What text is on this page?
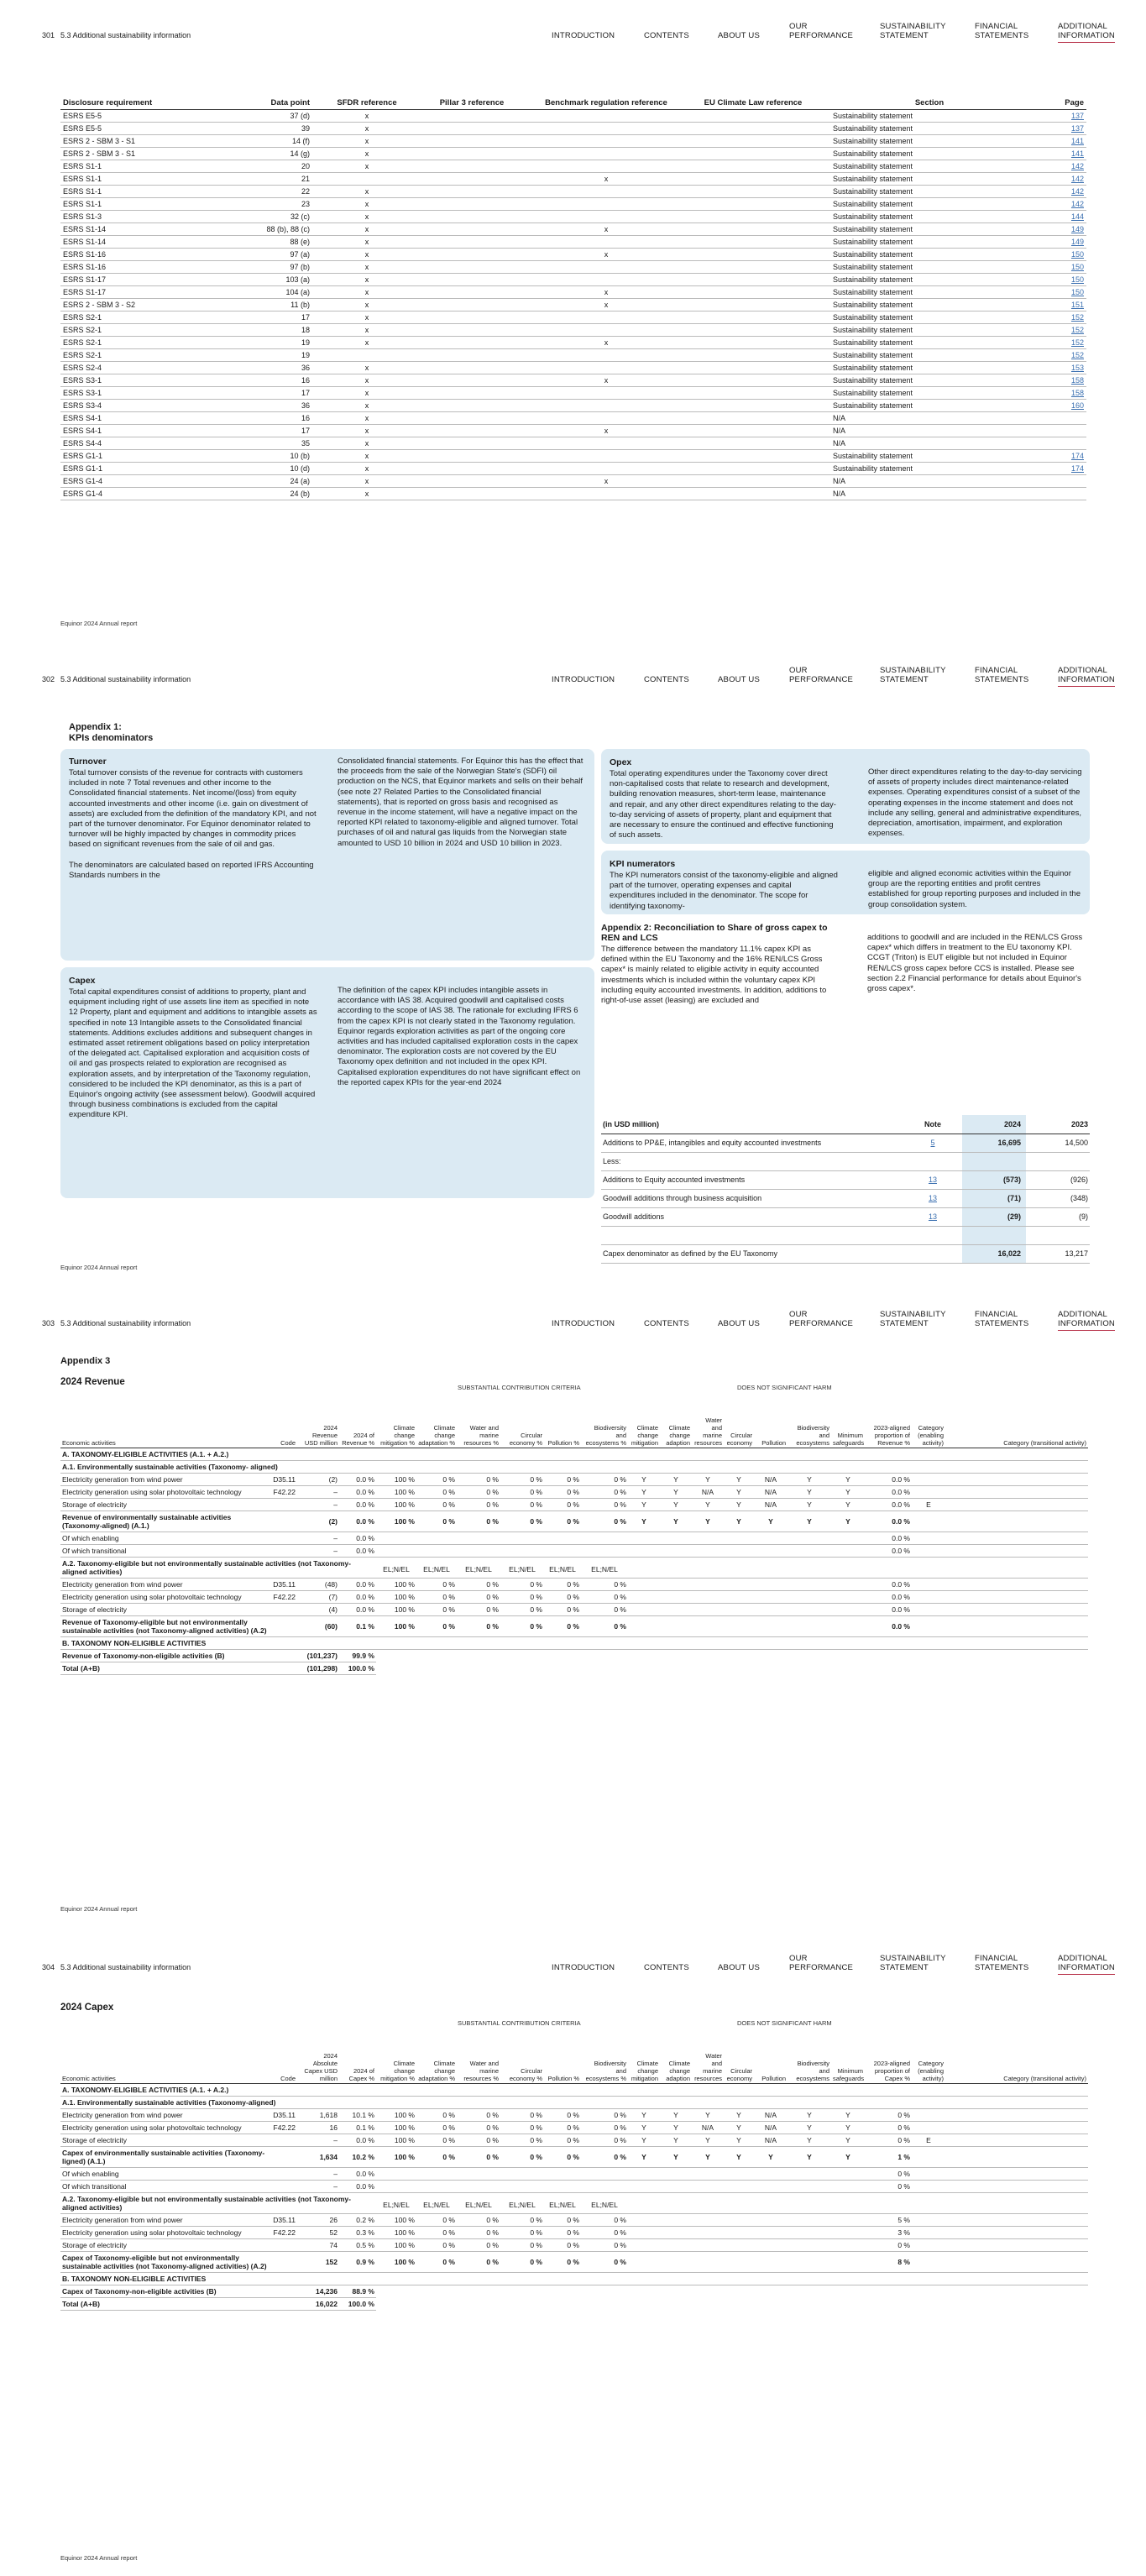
301 5.3 Additional sustainability information	INTRODUCTION	CONTENTS	ABOUT US
OUR
PERFORMANCE
SUSTAINABILITY
STATEMENT
FINANCIAL
STATEMENTS
ADDITIONAL
INFORMATION
Disclosure requirement	Data point	SFDR reference	Pillar 3 reference	Benchmark regulation reference	EU Climate Law reference	Section	Page
ESRS E5-5	37 (d)	x				Sustainability statement	137
ESRS E5-5	39	x				Sustainability statement	137
ESRS 2 - SBM 3 - S1	14 (f)	x				Sustainability statement	141
ESRS 2 - SBM 3 - S1	14 (g)	x				Sustainability statement	141
ESRS S1-1	20	x				Sustainability statement	142
ESRS S1-1	21			x		Sustainability statement	142
ESRS S1-1	22	x				Sustainability statement	142
ESRS S1-1	23	x				Sustainability statement	142
ESRS S1-3	32 (c)	x				Sustainability statement	144
ESRS S1-14	88 (b), 88 (c)	x		x		Sustainability statement	149
ESRS S1-14	88 (e)	x				Sustainability statement	149
ESRS S1-16	97 (a)	x		x		Sustainability statement	150
ESRS S1-16	97 (b)	x				Sustainability statement	150
ESRS S1-17	103 (a)	x				Sustainability statement	150
ESRS S1-17	104 (a)	x		x		Sustainability statement	150
ESRS 2 - SBM 3 - S2	11 (b)	x		x		Sustainability statement	151
ESRS S2-1	17	x				Sustainability statement	152
ESRS S2-1	18	x				Sustainability statement	152
ESRS S2-1	19	x		x		Sustainability statement	152
ESRS S2-1	19					Sustainability statement	152
ESRS S2-4	36	x				Sustainability statement	153
ESRS S3-1	16	x		x		Sustainability statement	158
ESRS S3-1	17	x				Sustainability statement	158
ESRS S3-4	36	x				Sustainability statement	160
ESRS S4-1	16	x				N/A	
ESRS S4-1	17	x		x		N/A	
ESRS S4-4	35	x				N/A	
ESRS G1-1	10 (b)	x				Sustainability statement	174
ESRS G1-1	10 (d)	x				Sustainability statement	174
ESRS G1-4	24 (a)	x		x		N/A	
ESRS G1-4	24 (b)	x				N/A	
Equinor 2024 Annual report
302 5.3 Additional sustainability information	INTRODUCTION	CONTENTS	ABOUT US
OUR
PERFORMANCE
SUSTAINABILITY
STATEMENT
FINANCIAL
STATEMENTS
ADDITIONAL
INFORMATION
Appendix 1:
KPIs denominators
Turnover
Total turnover consists of the revenue for contracts with customers included in note 7 Total revenues and other income to the Consolidated financial statements. Net income/(loss) from equity accounted investments and other income (i.e. gain on divestment of assets) are excluded from the definition of the mandatory KPI, and not part of the turnover denominator. For Equinor denominator related to turnover will be highly impacted by changes in commodity prices based on significant revenues from the sale of oil and gas.
The denominators are calculated based on reported IFRS Accounting Standards numbers in the
Consolidated financial statements. For Equinor this has the effect that the proceeds from the sale of the Norwegian State's (SDFI) oil production on the NCS, that Equinor markets and sells on their behalf (see note 27 Related Parties to the Consolidated financial statements), that is reported on gross basis and recognised as revenue in the income statement, will have a negative impact on the reported KPI related to taxonomy-eligible and aligned turnover. Total purchases of oil and natural gas liquids from the Norwegian state amounted to USD 10 billion in 2024 and USD 10 billion in 2023.
Opex
Total operating expenditures under the Taxonomy cover direct non-capitalised costs that relate to research and development, building renovation measures, short-term lease, maintenance and repair, and any other direct expenditures relating to the day-to-day servicing of assets of property, plant and equipment that are necessary to ensure the continued and effective functioning of such assets.
Other direct expenditures relating to the day-to-day servicing of assets of property includes direct maintenance-related expenses. Operating expenditures consist of a subset of the operating expenses in the income statement and does not include any selling, general and administrative expenditures, depreciation, amortisation, impairment, and exploration expenses.
KPI numerators
The KPI numerators consist of the taxonomy-eligible and aligned part of the turnover, operating expenses and capital expenditures included in the denominator. The scope for identifying taxonomy-
eligible and aligned economic activities within the Equinor group are the reporting entities and profit centres established for group reporting purposes and included in the group consolidation system.
Capex
Total capital expenditures consist of additions to property, plant and equipment including right of use assets line item as specified in note 12 Property, plant and equipment and additions to intangible assets as specified in note 13 Intangible assets to the Consolidated financial statements. Additions excludes additions and subsequent changes in estimated asset retirement obligations based on policy interpretation of the delegated act. Capitalised exploration and acquisition costs of oil and gas prospects related to exploration are recognised as exploration assets, and by interpretation of the Taxonomy regulation, considered to be included the KPI denominator, as this is a part of Equinor's ongoing activity (see assessment below). Goodwill acquired through business combinations is excluded from the capital expenditure KPI.
The definition of the capex KPI includes intangible assets in accordance with IAS 38. Acquired goodwill and capitalised costs according to the scope of IAS 38. The rationale for excluding IFRS 6 from the capex KPI is not clearly stated in the Taxonomy regulation. Equinor regards exploration activities as part of the ongoing core activities and has included capitalised exploration costs in the capex denominator. The exploration costs are not covered by the EU Taxonomy opex definition and not included in the opex KPI. Capitalised exploration expenditures do not have significant effect on the reported capex KPIs for the year-end 2024
Appendix 2: Reconciliation to Share of gross capex to REN and LCS
The difference between the mandatory 11.1% capex KPI as defined within the EU Taxonomy and the 16% REN/LCS Gross capex* is mainly related to eligible activity in equity accounted investments which is included within the voluntary capex KPI including equity accounted investments. In addition, additions to right-of-use asset (leasing) are excluded and
additions to goodwill and are included in the REN/LCS Gross capex* which differs in treatment to the EU taxonomy KPI. CCGT (Triton) is EUT eligible but not included in Equinor REN/LCS gross capex before CCS is installed. Please see section 2.2 Financial performance for details about Equinor's gross capex*.
Equinor 2024 Annual report
(in USD million)	Note	2024	2023
Additions to PP&E, intangibles and equity accounted investments	5	16,695	14,500
Less:			
Additions to Equity accounted investments	13	(573)	(926)
Goodwill additions through business acquisition	13	(71)	(348)
Goodwill additions	13	(29)	(9)

Capex denominator as defined by the EU Taxonomy		16,022	13,217
303 5.3 Additional sustainability information	INTRODUCTION	CONTENTS	ABOUT US
OUR
PERFORMANCE
SUSTAINABILITY
STATEMENT
FINANCIAL
STATEMENTS
ADDITIONAL
INFORMATION
Appendix 3
2024 Revenue
SUBSTANTIAL CONTRIBUTION CRITERIA	DOES NOT SIGNIFICANT HARM
Economic activities	Code	2024 Revenue USD million	2024 of Revenue %	Climate change mitigation %	Climate change adaptation %	Water and marine resources %	Circular economy %	Pollution %	Biodiversity and ecosystems %	Climate change mitigation	Climate change adaption	Water and marine resources	Circular economy	Pollution	Biodiversity and ecosystems	Minimum safeguards	2023-aligned proportion of Revenue %	Category (enabling activity)	Category (transitional activity)
A. TAXONOMY-ELIGIBLE ACTIVITIES (A.1. + A.2.)																			
A.1. Environmentally sustainable activities (Taxonomy- aligned)																			
Electricity generation from wind power	D35.11	(2)	0.0 %	100 %	0 %	0 %	0 %	0 %	0 %	Y	Y	Y	Y	N/A	Y	Y	0.0 %		
Electricity generation using solar photovoltaic technology	F42.22	–	0.0 %	100 %	0 %	0 %	0 %	0 %	0 %	Y	Y	N/A	Y	N/A	Y	Y	0.0 %		
Storage of electricity		–	0.0 %	100 %	0 %	0 %	0 %	0 %	0 %	Y	Y	Y	Y	N/A	Y	Y	0.0 %	E	
Revenue of environmentally sustainable activities (Taxonomy-aligned) (A.1.)		(2)	0.0 %	100 %	0 %	0 %	0 %	0 %	0 %	Y	Y	Y	Y	Y	Y	Y	0.0 %		
Of which enabling		–	0.0 %														0.0 %		
Of which transitional		–	0.0 %														0.0 %		
A.2. Taxonomy-eligible but not environmentally sustainable activities (not Taxonomy-aligned activities)				EL;N/EL	EL;N/EL	EL;N/EL	EL;N/EL	EL;N/EL	EL;N/EL										
Electricity generation from wind power	D35.11	(48)	0.0 %	100 %	0 %	0 %	0 %	0 %	0 %								0.0 %		
Electricity generation using solar photovoltaic technology	F42.22	(7)	0.0 %	100 %	0 %	0 %	0 %	0 %	0 %								0.0 %		
Storage of electricity		(4)	0.0 %	100 %	0 %	0 %	0 %	0 %	0 %								0.0 %		
Revenue of Taxonomy-eligible but not environmentally sustainable activities (not Taxonomy-aligned activities) (A.2)		(60)	0.1 %	100 %	0 %	0 %	0 %	0 %	0 %								0.0 %		
B. TAXONOMY NON-ELIGIBLE ACTIVITIES																			
Revenue of Taxonomy-non-eligible activities (B)		(101,237)	99.9 %																
Total (A+B)		(101,298)	100.0 %																
Equinor 2024 Annual report
304 5.3 Additional sustainability information	INTRODUCTION	CONTENTS	ABOUT US
OUR
PERFORMANCE
SUSTAINABILITY
STATEMENT
FINANCIAL
STATEMENTS
ADDITIONAL
INFORMATION
2024 Capex
SUBSTANTIAL CONTRIBUTION CRITERIA	DOES NOT SIGNIFICANT HARM
Economic activities	Code	2024 Absolute Capex USD million	2024 of Capex %	Climate change mitigation %	Climate change adaptation %	Water and marine resources %	Circular economy %	Pollution %	Biodiversity and ecosystems %	Climate change mitigation	Climate change adaption	Water and marine resources	Circular economy	Pollution	Biodiversity and ecosystems	Minimum safeguards	2023-aligned proportion of Capex %	Category (enabling activity)	Category (transitional activity)
A. TAXONOMY-ELIGIBLE ACTIVITIES (A.1. + A.2.)																			
A.1. Environmentally sustainable activities (Taxonomy-aligned)																			
Electricity generation from wind power	D35.11	1,618	10.1 %	100 %	0 %	0 %	0 %	0 %	0 %	Y	Y	Y	Y	N/A	Y	Y	0 %		
Electricity generation using solar photovoltaic technology	F42.22	16	0.1 %	100 %	0 %	0 %	0 %	0 %	0 %	Y	Y	N/A	Y	N/A	Y	Y	0 %		
Storage of electricity		–	0.0 %	100 %	0 %	0 %	0 %	0 %	0 %	Y	Y	Y	Y	N/A	Y	Y	0 %	E	
Capex of environmentally sustainable activities (Taxonomy-ligned) (A.1.)		1,634	10.2 %	100 %	0 %	0 %	0 %	0 %	0 %	Y	Y	Y	Y	Y	Y	Y	1 %		
Of which enabling		–	0.0 %														0 %		
Of which transitional		–	0.0 %														0 %		
A.2. Taxonomy-eligible but not environmentally sustainable activities (not Taxonomy-aligned activities)				EL;N/EL	EL;N/EL	EL;N/EL	EL;N/EL	EL;N/EL	EL;N/EL										
Electricity generation from wind power	D35.11	26	0.2 %	100 %	0 %	0 %	0 %	0 %	0 %								5 %		
Electricity generation using solar photovoltaic technology	F42.22	52	0.3 %	100 %	0 %	0 %	0 %	0 %	0 %								3 %		
Storage of electricity		74	0.5 %	100 %	0 %	0 %	0 %	0 %	0 %								0 %		
Capex of Taxonomy-eligible but not environmentally sustainable activities (not Taxonomy-aligned activities) (A.2)		152	0.9 %	100 %	0 %	0 %	0 %	0 %	0 %								8 %		
B. TAXONOMY NON-ELIGIBLE ACTIVITIES																			
Capex of Taxonomy-non-eligible activities (B)		14,236	88.9 %																
Total (A+B)		16,022	100.0 %																
Equinor 2024 Annual report
